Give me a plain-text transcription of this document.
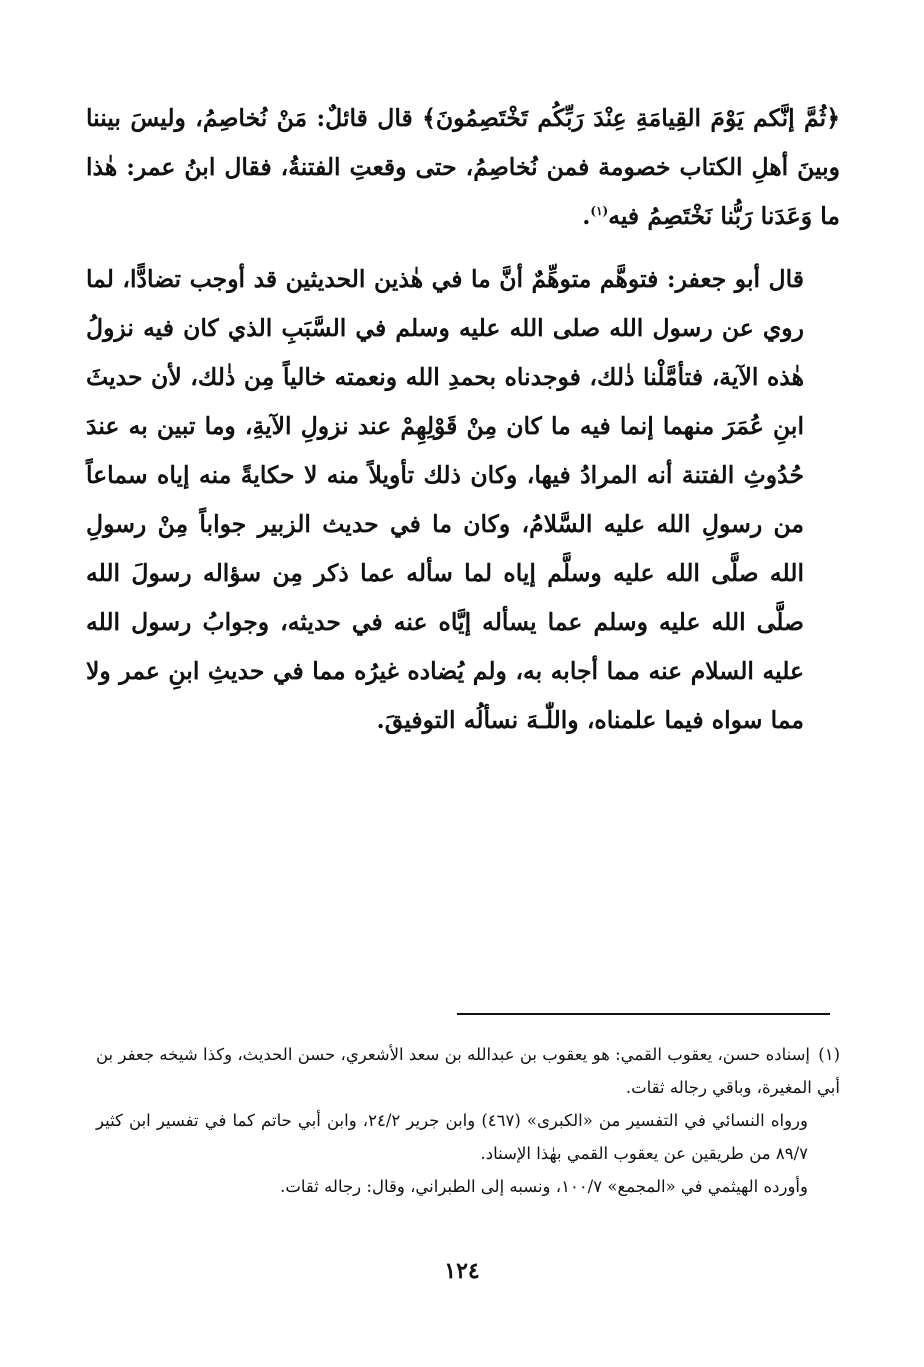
﴿ثُمَّ إنَّكم يَوْمَ القِيامَةِ عِنْدَ رَبِّكُم تَخْتَصِمُونَ﴾ قال قائلٌ: مَنْ نُخاصِمُ، وليسَ بيننا وبينَ أهلِ الكتاب خصومة فمن نُخاصِمُ، حتى وقعتِ الفتنةُ، فقال ابنُ عمر: هٰذا ما وَعَدَنا رَبُّنا نَخْتَصِمُ فيه$^{(١)}$.

قال أبو جعفر: فتوهَّم متوهِّمٌ أنَّ ما في هٰذين الحديثين قد أوجب تضادًّا، لما روي عن رسول الله صلى الله عليه وسلم في السَّبَبِ الذي كان فيه نزولُ هٰذه الآية، فتأمَّلْنا ذٰلك، فوجدناه بحمدِ الله ونعمته خالياً مِن ذٰلك، لأن حديثَ ابنِ عُمَرَ منهما إنما فيه ما كان مِنْ قَوْلِهِمْ عند نزولِ الآيةِ، وما تبين به عندَ حُدُوثِ الفتنة أنه المرادُ فيها، وكان ذلك تأويلاً منه لا حكايةً منه إياه سماعاً من رسولِ الله عليه السَّلامُ، وكان ما في حديث الزبير جواباً مِنْ رسولِ الله صلَّى الله عليه وسلَّم إياه لما سأله عما ذكر مِن سؤاله رسولَ الله صلَّى الله عليه وسلم عما يسأله إيَّاه عنه في حديثه، وجوابُ رسول الله عليه السلام عنه مما أجابه به، ولم يُضاده غيرُه مما في حديثِ ابنِ عمر ولا مما سواه فيما علمناه، واللّٰـهَ نسألُه التوفيقَ.

(١)إسناده حسن، يعقوب القمي: هو يعقوب بن عبدالله بن سعد الأشعري، حسن الحديث، وكذا شيخه جعفر بن أبي المغيرة، وباقي رجاله ثقات.

ورواه النسائي في التفسير من «الكبرى» (٤٦٧) وابن جرير ٢٤/٢، وابن أبي حاتم كما في تفسير ابن كثير ٨٩/٧ من طريقين عن يعقوب القمي بهٰذا الإسناد.

وأورده الهيثمي في «المجمع» ١٠٠/٧، ونسبه إلى الطبراني، وقال: رجاله ثقات.

١٢٤
